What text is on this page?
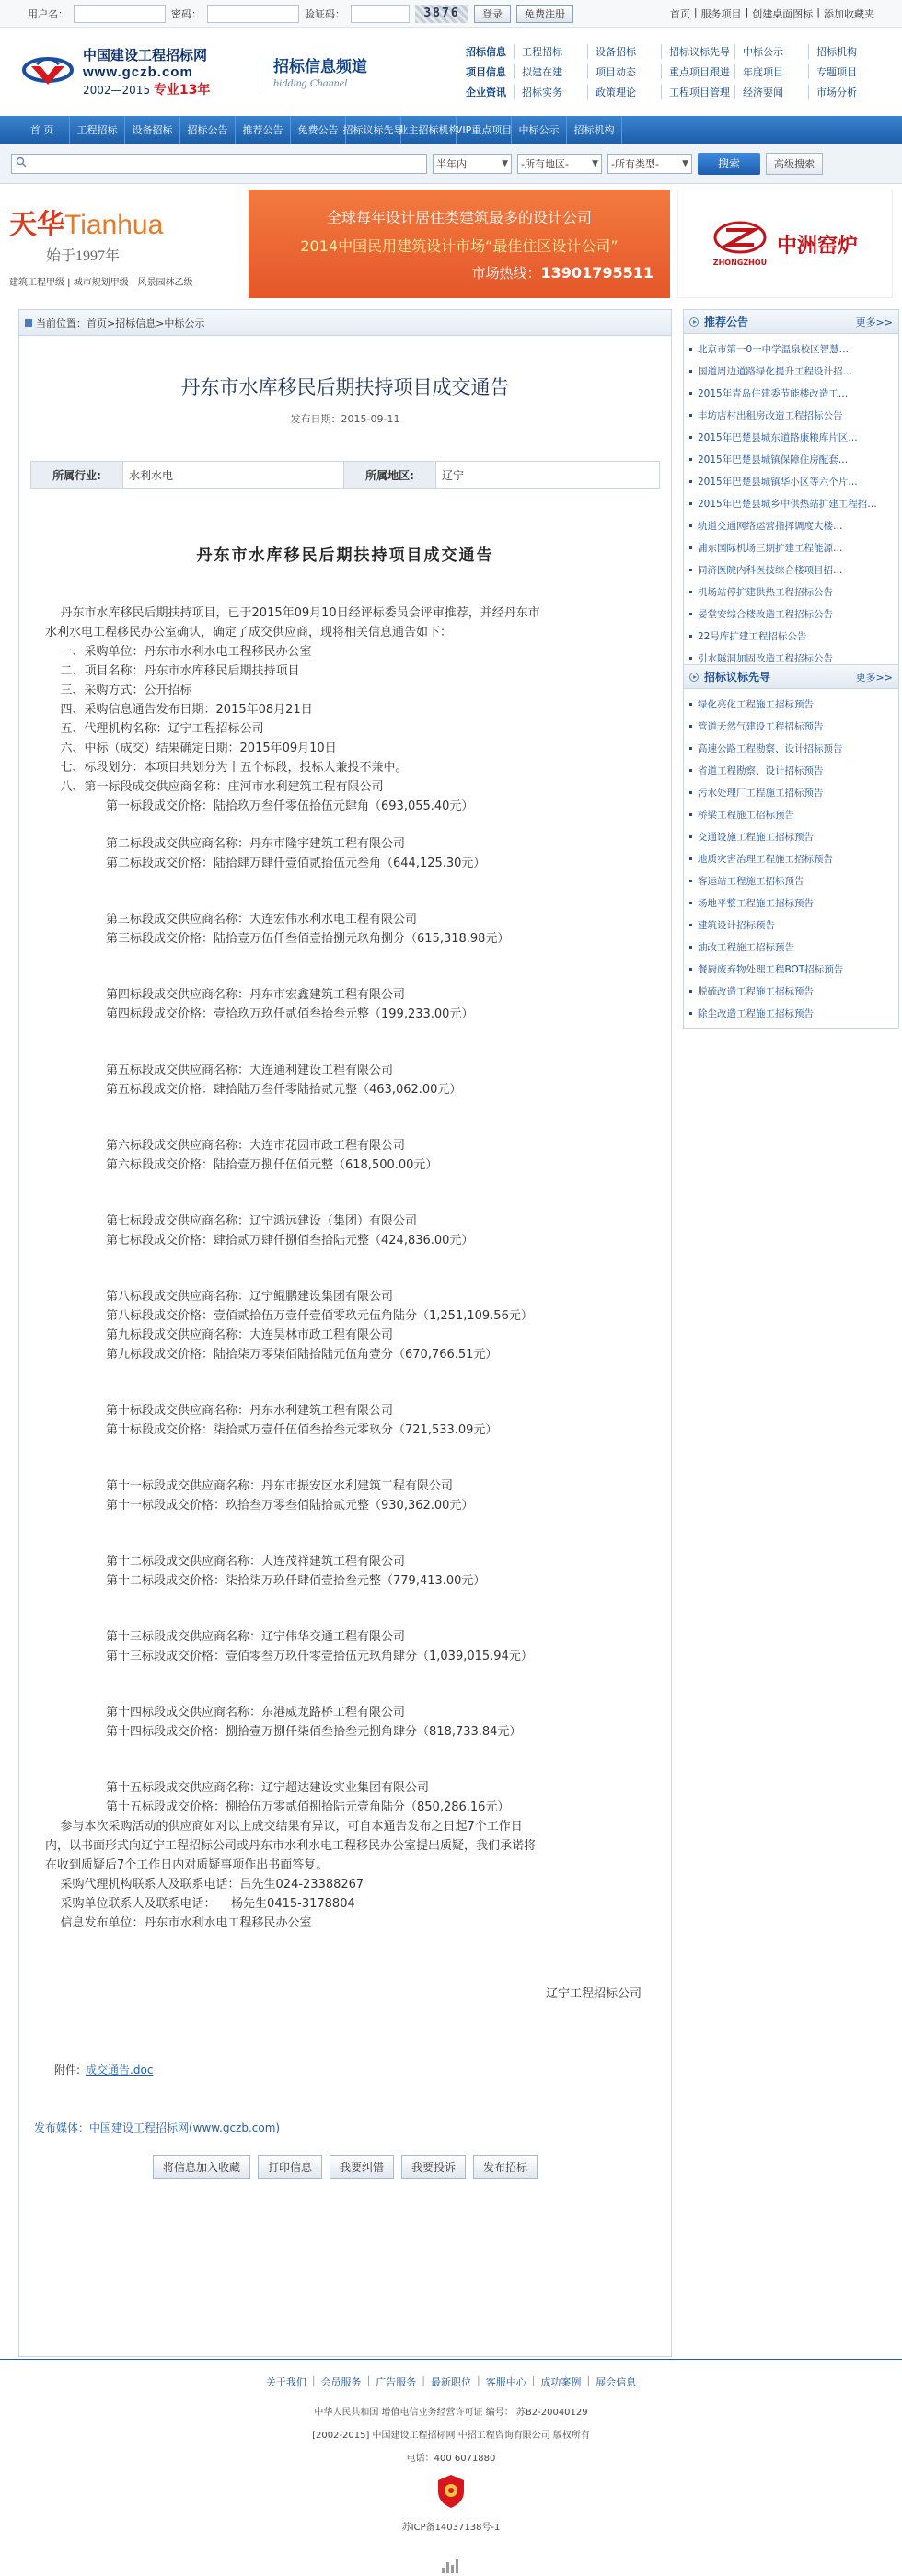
用户名：	密码：	验证码：	3876	登录	免费注册	首页 | 服务项目 | 创建桌面图标 | 添加收藏夹
中国建设工程招标网
www.gczb.com
2002—2015 专业13年
招标信息频道
bidding Channel
招标信息	工程招标	设备招标	招标议标先导	中标公示	招标机构
项目信息	拟建在建	项目动态	重点项目跟进	年度项目	专题项目
企业资讯	招标实务	政策理论	工程项目管理	经济要闻	市场分析
首 页	工程招标	设备招标	招标公告	推荐公告	免费公告 招标议标先导
业主招标机构
VIP重点项目 中标公示	招标机构
半年内	▼ -所有地区-	▼ -所有类型-	▼	搜索	高级搜索
天华Tianhua
始于1997年
建筑工程甲级 | 城市规划甲级 | 风景园林乙级
全球每年设计居住类建筑最多的设计公司
2014中国民用建筑设计市场“最佳住区设计公司”
市场热线：13901795511
ZHONGZHOU
中洲窑炉
当前位置：首页>招标信息>中标公示
丹东市水库移民后期扶持项目成交通告
发布日期：2015-09-11
所属行业:	水利水电	所属地区:	辽宁
丹东市水库移民后期扶持项目成交通告

丹东市水库移民后期扶持项目，已于2015年09月10日经评标委员会评审推荐，并经丹东市

水利水电工程移民办公室确认，确定了成交供应商，现将相关信息通告如下：

一、采购单位：丹东市水利水电工程移民办公室

二、项目名称：丹东市水库移民后期扶持项目

三、采购方式：公开招标

四、采购信息通告发布日期：2015年08月21日

五、代理机构名称：辽宁工程招标公司

六、中标（成交）结果确定日期：2015年09月10日

七、标段划分：本项目共划分为十五个标段，投标人兼投不兼中。

八、第一标段成交供应商名称：庄河市水利建筑工程有限公司

第一标段成交价格：陆拾玖万叁仟零伍拾伍元肆角（693,055.40元）

第二标段成交供应商名称：丹东市隆宇建筑工程有限公司

第二标段成交价格：陆拾肆万肆仟壹佰贰拾伍元叁角（644,125.30元）

第三标段成交供应商名称：大连宏伟水利水电工程有限公司

第三标段成交价格：陆拾壹万伍仟叁佰壹拾捌元玖角捌分（615,318.98元）

第四标段成交供应商名称：丹东市宏鑫建筑工程有限公司

第四标段成交价格：壹拾玖万玖仟贰佰叁拾叁元整（199,233.00元）

第五标段成交供应商名称：大连通利建设工程有限公司

第五标段成交价格：肆拾陆万叁仟零陆拾贰元整（463,062.00元）

第六标段成交供应商名称：大连市花园市政工程有限公司

第六标段成交价格：陆拾壹万捌仟伍佰元整（618,500.00元）

第七标段成交供应商名称：辽宁鸿远建设（集团）有限公司

第七标段成交价格：肆拾贰万肆仟捌佰叁拾陆元整（424,836.00元）

第八标段成交供应商名称：辽宁鲲鹏建设集团有限公司

第八标段成交价格：壹佰贰拾伍万壹仟壹佰零玖元伍角陆分（1,251,109.56元）

第九标段成交供应商名称：大连昊林市政工程有限公司

第九标段成交价格：陆拾柒万零柒佰陆拾陆元伍角壹分（670,766.51元）

第十标段成交供应商名称：丹东水利建筑工程有限公司

第十标段成交价格：柒拾贰万壹仟伍佰叁拾叁元零玖分（721,533.09元）

第十一标段成交供应商名称：丹东市振安区水利建筑工程有限公司

第十一标段成交价格：玖拾叁万零叁佰陆拾贰元整（930,362.00元）

第十二标段成交供应商名称：大连茂祥建筑工程有限公司

第十二标段成交价格：柒拾柒万玖仟肆佰壹拾叁元整（779,413.00元）

第十三标段成交供应商名称：辽宁伟华交通工程有限公司

第十三标段成交价格：壹佰零叁万玖仟零壹拾伍元玖角肆分（1,039,015.94元）

第十四标段成交供应商名称：东港威龙路桥工程有限公司

第十四标段成交价格：捌拾壹万捌仟柒佰叁拾叁元捌角肆分（818,733.84元）

第十五标段成交供应商名称：辽宁超达建设实业集团有限公司

第十五标段成交价格：捌拾伍万零贰佰捌拾陆元壹角陆分（850,286.16元）

参与本次采购活动的供应商如对以上成交结果有异议，可自本通告发布之日起7个工作日

内，以书面形式向辽宁工程招标公司或丹东市水利水电工程移民办公室提出质疑，我们承诺将

在收到质疑后7个工作日内对质疑事项作出书面答复。

采购代理机构联系人及联系电话：吕先生024-23388267

采购单位联系人及联系电话：    杨先生0415-3178804

信息发布单位：丹东市水利水电工程移民办公室

辽宁工程招标公司

附件: 成交通告.doc
发布媒体：中国建设工程招标网(www.gczb.com)
将信息加入收藏	打印信息	我要纠错	我要投诉	发布招标
推荐公告	更多>>
北京市第一0一中学温泉校区智慧…
国道周边道路绿化提升工程设计招…
2015年青岛住建委节能楼改造工…
丰坊店村出租房改造工程招标公告
2015年巴楚县城东道路康粮库片区…
2015年巴楚县城镇保障住房配套…
2015年巴楚县城镇华小区等六个片…
2015年巴楚县城乡中供热站扩建工程招…
轨道交通网络运营指挥调度大楼…
浦东国际机场三期扩建工程能源…
同济医院内科医技综合楼项目招…
机场站停扩建供热工程招标公告
晏堂安综合楼改造工程招标公告
22号库扩建工程招标公告
引水隧洞加固改造工程招标公告
招标议标先导	更多>>
绿化亮化工程施工招标预告
管道天然气建设工程招标预告
高速公路工程勘察、设计招标预告
省道工程勘察、设计招标预告
污水处理厂工程施工招标预告
桥梁工程施工招标预告
交通设施工程施工招标预告
地质灾害治理工程施工招标预告
客运站工程施工招标预告
场地平整工程施工招标预告
建筑设计招标预告
油改工程施工招标预告
餐厨废弃物处理工程BOT招标预告
脱硫改造工程施工招标预告
除尘改造工程施工招标预告
关于我们 | 会员服务 | 广告服务 | 最新职位 | 客服中心 | 成功案例 | 展会信息
中华人民共和国 增值电信业务经营许可证 编号： 苏B2-20040129
[2002-2015] 中国建设工程招标网 中招工程咨询有限公司 版权所有
电话：400 6071880
苏ICP备14037138号-1
